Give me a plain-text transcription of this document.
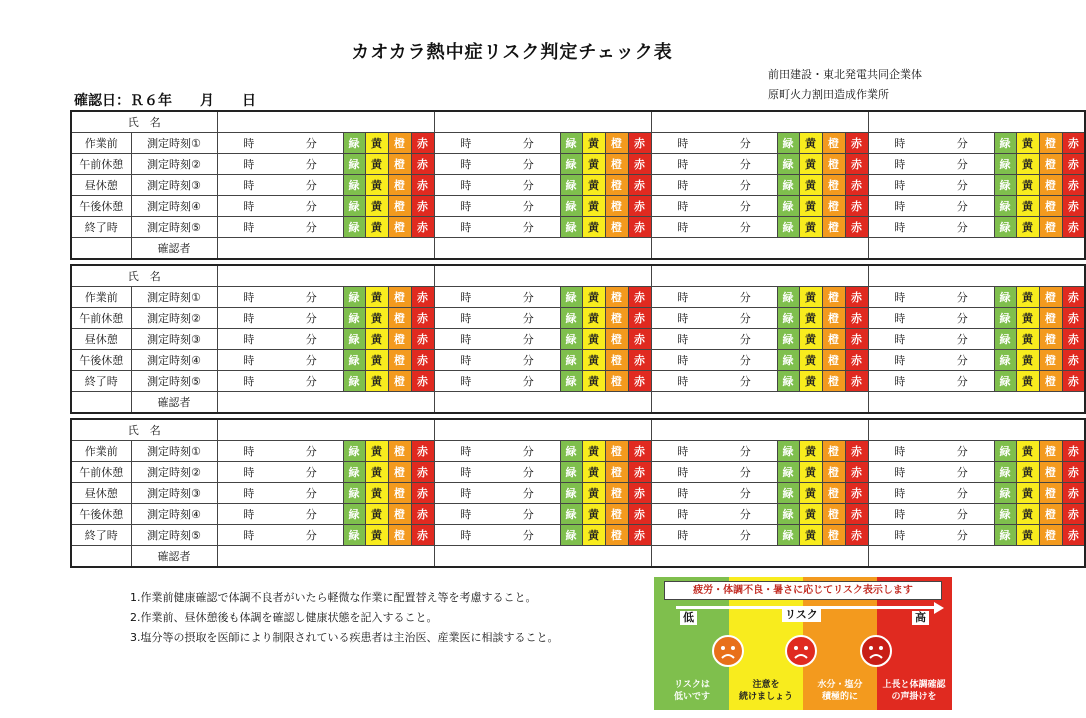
カオカラ熱中症リスク判定チェック表
前田建設・東北発電共同企業体
原町火力割田造成作業所
確認日：Ｒ６年　　月　　日
氏　名																					
作業前	測定時刻①	時 分	緑	黄	橙	赤	時 分	緑	黄	橙	赤	時 分	緑	黄	橙	赤	時 分	緑	黄	橙	赤
午前休憩	測定時刻②	時 分	緑	黄	橙	赤	時 分	緑	黄	橙	赤	時 分	緑	黄	橙	赤	時 分	緑	黄	橙	赤
昼休憩	測定時刻③	時 分	緑	黄	橙	赤	時 分	緑	黄	橙	赤	時 分	緑	黄	橙	赤	時 分	緑	黄	橙	赤
午後休憩	測定時刻④	時 分	緑	黄	橙	赤	時 分	緑	黄	橙	赤	時 分	緑	黄	橙	赤	時 分	緑	黄	橙	赤
終了時	測定時刻⑤	時 分	緑	黄	橙	赤	時 分	緑	黄	橙	赤	時 分	緑	黄	橙	赤	時 分	緑	黄	橙	赤
	確認者																				
氏　名																					
作業前	測定時刻①	時 分	緑	黄	橙	赤	時 分	緑	黄	橙	赤	時 分	緑	黄	橙	赤	時 分	緑	黄	橙	赤
午前休憩	測定時刻②	時 分	緑	黄	橙	赤	時 分	緑	黄	橙	赤	時 分	緑	黄	橙	赤	時 分	緑	黄	橙	赤
昼休憩	測定時刻③	時 分	緑	黄	橙	赤	時 分	緑	黄	橙	赤	時 分	緑	黄	橙	赤	時 分	緑	黄	橙	赤
午後休憩	測定時刻④	時 分	緑	黄	橙	赤	時 分	緑	黄	橙	赤	時 分	緑	黄	橙	赤	時 分	緑	黄	橙	赤
終了時	測定時刻⑤	時 分	緑	黄	橙	赤	時 分	緑	黄	橙	赤	時 分	緑	黄	橙	赤	時 分	緑	黄	橙	赤
	確認者																				
氏　名																					
作業前	測定時刻①	時 分	緑	黄	橙	赤	時 分	緑	黄	橙	赤	時 分	緑	黄	橙	赤	時 分	緑	黄	橙	赤
午前休憩	測定時刻②	時 分	緑	黄	橙	赤	時 分	緑	黄	橙	赤	時 分	緑	黄	橙	赤	時 分	緑	黄	橙	赤
昼休憩	測定時刻③	時 分	緑	黄	橙	赤	時 分	緑	黄	橙	赤	時 分	緑	黄	橙	赤	時 分	緑	黄	橙	赤
午後休憩	測定時刻④	時 分	緑	黄	橙	赤	時 分	緑	黄	橙	赤	時 分	緑	黄	橙	赤	時 分	緑	黄	橙	赤
終了時	測定時刻⑤	時 分	緑	黄	橙	赤	時 分	緑	黄	橙	赤	時 分	緑	黄	橙	赤	時 分	緑	黄	橙	赤
	確認者																				
1.作業前健康確認で体調不良者がいたら軽微な作業に配置替え等を考慮すること。
2.作業前、昼休憩後も体調を確認し健康状態を記入すること。
3.塩分等の摂取を医師により制限されている疾患者は主治医、産業医に相談すること。
疲労・体調不良・暑さに応じてリスク表示します
低	リスク	高
リスクは
低いです
注意を
続けましょう
水分・塩分
積極的に
上長と体調確認
の声掛けを
